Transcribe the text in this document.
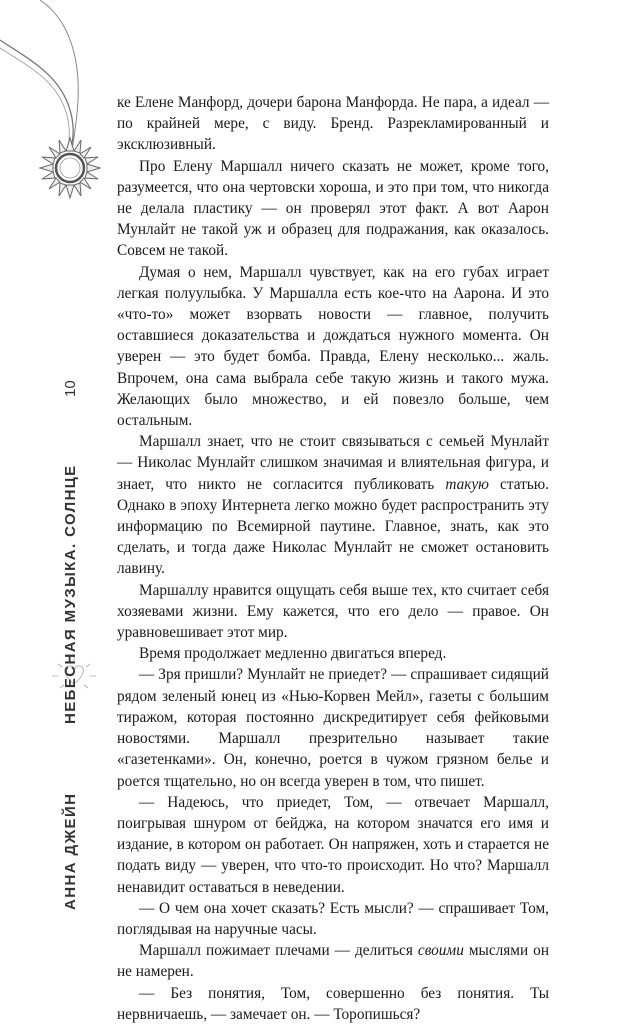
АННА ДЖЕЙН
НЕБЕСНАЯ МУЗЫКА. СОЛНЦЕ
10

ке Елене Манфорд, дочери барона Манфорда. Не пара, а идеал — по крайней мере, с виду. Бренд. Разрекламированный и эксклюзивный.

Про Елену Маршалл ничего сказать не может, кроме того, разумеется, что она чертовски хороша, и это при том, что никогда не делала пластику — он проверял этот факт. А вот Аарон Мунлайт не такой уж и образец для подражания, как оказалось. Совсем не такой.

Думая о нем, Маршалл чувствует, как на его губах играет легкая полуулыбка. У Маршалла есть кое-что на Аарона. И это «что-то» может взорвать новости — главное, получить оставшиеся доказательства и дождаться нужного момента. Он уверен — это будет бомба. Правда, Елену несколько... жаль. Впрочем, она сама выбрала себе такую жизнь и такого мужа. Желающих было множество, и ей повезло больше, чем остальным.

Маршалл знает, что не стоит связываться с семьей Мунлайт — Николас Мунлайт слишком значимая и влиятельная фигура, и знает, что никто не согласится публиковать такую статью. Однако в эпоху Интернета легко можно будет распространить эту информацию по Всемирной паутине. Главное, знать, как это сделать, и тогда даже Николас Мунлайт не сможет остановить лавину.

Маршаллу нравится ощущать себя выше тех, кто считает себя хозяевами жизни. Ему кажется, что его дело — правое. Он уравновешивает этот мир.

Время продолжает медленно двигаться вперед.

— Зря пришли? Мунлайт не приедет? — спрашивает сидящий рядом зеленый юнец из «Нью-Корвен Мейл», газеты с большим тиражом, которая постоянно дискредитирует себя фейковыми новостями. Маршалл презрительно называет такие «газетенками». Он, конечно, роется в чужом грязном белье и роется тщательно, но он всегда уверен в том, что пишет.

— Надеюсь, что приедет, Том, — отвечает Маршалл, поигрывая шнуром от бейджа, на котором значатся его имя и издание, в котором он работает. Он напряжен, хоть и старается не подать виду — уверен, что что-то происходит. Но что? Маршалл ненавидит оставаться в неведении.

— О чем она хочет сказать? Есть мысли? — спрашивает Том, поглядывая на наручные часы.

Маршалл пожимает плечами — делиться своими мыслями он не намерен.

— Без понятия, Том, совершенно без понятия. Ты нервничаешь, — замечает он. — Торопишься?
